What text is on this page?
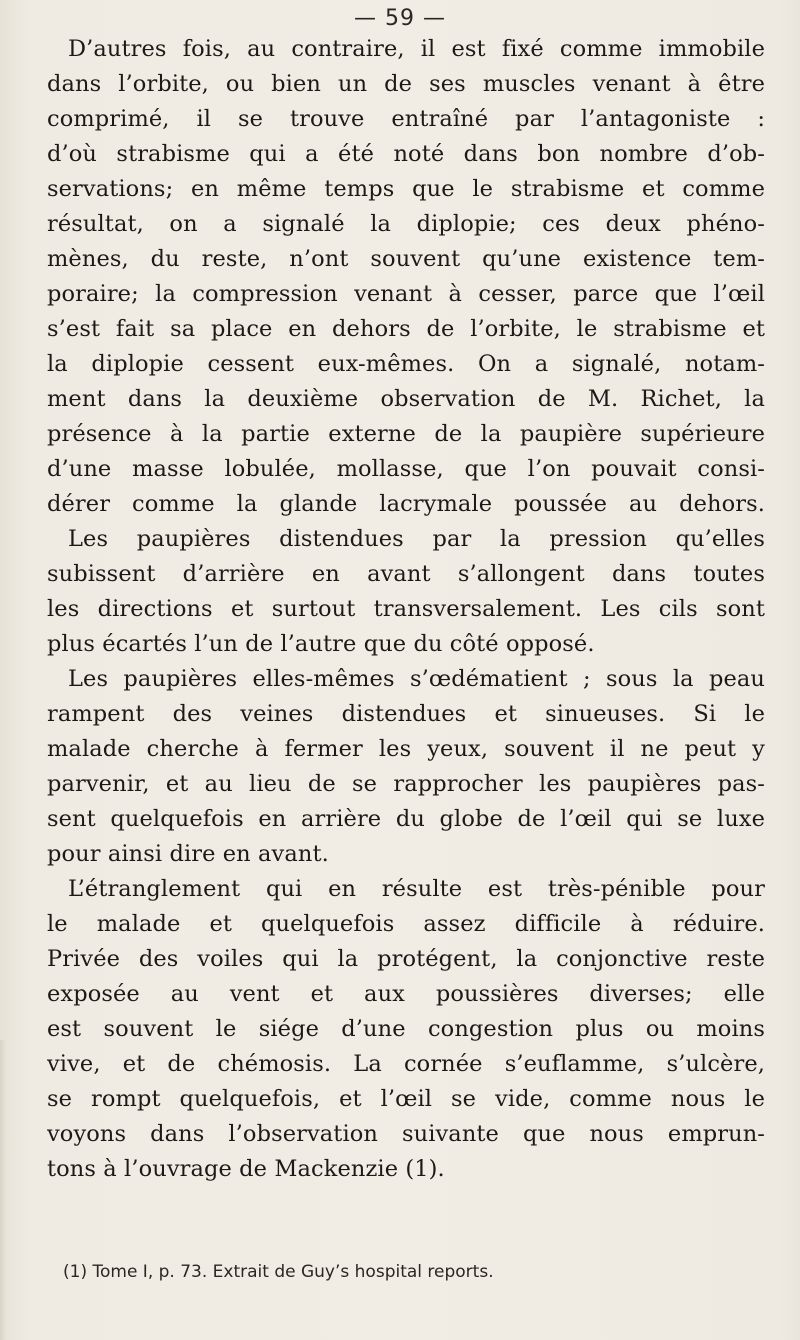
— 59 —
D’autres fois, au contraire, il est fixé comme immobile
dans l’orbite, ou bien un de ses muscles venant à être
comprimé, il se trouve entraîné par l’antagoniste :
d’où strabisme qui a été noté dans bon nombre d’ob-
servations; en même temps que le strabisme et comme
résultat, on a signalé la diplopie; ces deux phéno-
mènes, du reste, n’ont souvent qu’une existence tem-
poraire; la compression venant à cesser, parce que l’œil
s’est fait sa place en dehors de l’orbite, le strabisme et
la diplopie cessent eux-mêmes. On a signalé, notam-
ment dans la deuxième observation de M. Richet, la
présence à la partie externe de la paupière supérieure
d’une masse lobulée, mollasse, que l’on pouvait consi-
dérer comme la glande lacrymale poussée au dehors.
Les paupières distendues par la pression qu’elles
subissent d’arrière en avant s’allongent dans toutes
les directions et surtout transversalement. Les cils sont
plus écartés l’un de l’autre que du côté opposé.
Les paupières elles-mêmes s’œdématient ; sous la peau
rampent des veines distendues et sinueuses. Si le
malade cherche à fermer les yeux, souvent il ne peut y
parvenir, et au lieu de se rapprocher les paupières pas-
sent quelquefois en arrière du globe de l’œil qui se luxe
pour ainsi dire en avant.
L’étranglement qui en résulte est très-pénible pour
le malade et quelquefois assez difficile à réduire.
Privée des voiles qui la protégent, la conjonctive reste
exposée au vent et aux poussières diverses; elle
est souvent le siége d’une congestion plus ou moins
vive, et de chémosis. La cornée s’euflamme, s’ulcère,
se rompt quelquefois, et l’œil se vide, comme nous le
voyons dans l’observation suivante que nous emprun-
tons à l’ouvrage de Mackenzie (1).
(1) Tome I, p. 73. Extrait de Guy’s hospital reports.
